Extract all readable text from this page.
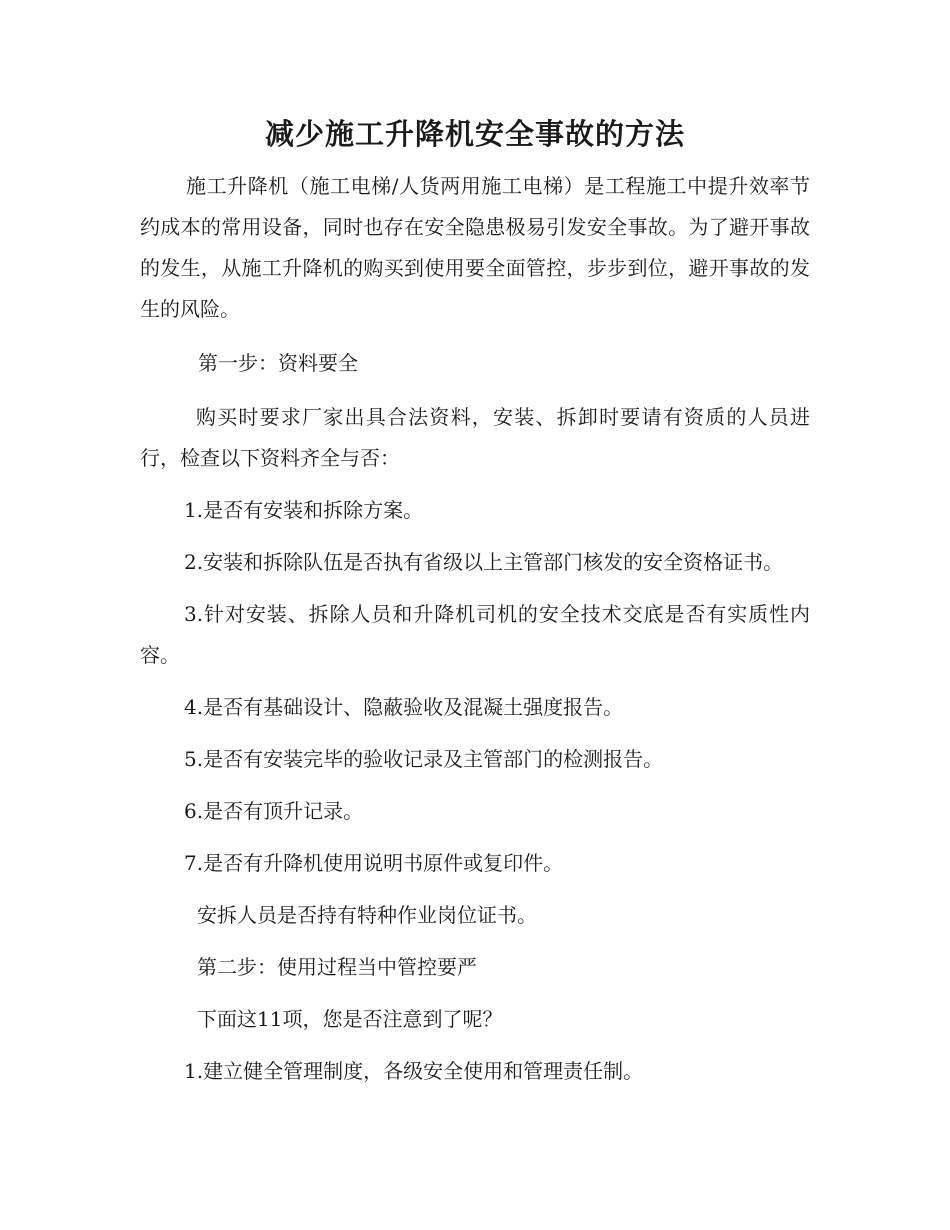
减少施工升降机安全事故的方法

施工升降机（施工电梯/人货两用施工电梯）是工程施工中提升效率节约成本的常用设备，同时也存在安全隐患极易引发安全事故。为了避开事故的发生，从施工升降机的购买到使用要全面管控，步步到位，避开事故的发生的风险。

第一步：资料要全

购买时要求厂家出具合法资料，安装、拆卸时要请有资质的人员进行，检查以下资料齐全与否：

1.是否有安装和拆除方案。

2.安装和拆除队伍是否执有省级以上主管部门核发的安全资格证书。

3.针对安装、拆除人员和升降机司机的安全技术交底是否有实质性内容。

4.是否有基础设计、隐蔽验收及混凝土强度报告。

5.是否有安装完毕的验收记录及主管部门的检测报告。

6.是否有顶升记录。

7.是否有升降机使用说明书原件或复印件。

安拆人员是否持有特种作业岗位证书。

第二步：使用过程当中管控要严

下面这11项，您是否注意到了呢？

1.建立健全管理制度，各级安全使用和管理责任制。
